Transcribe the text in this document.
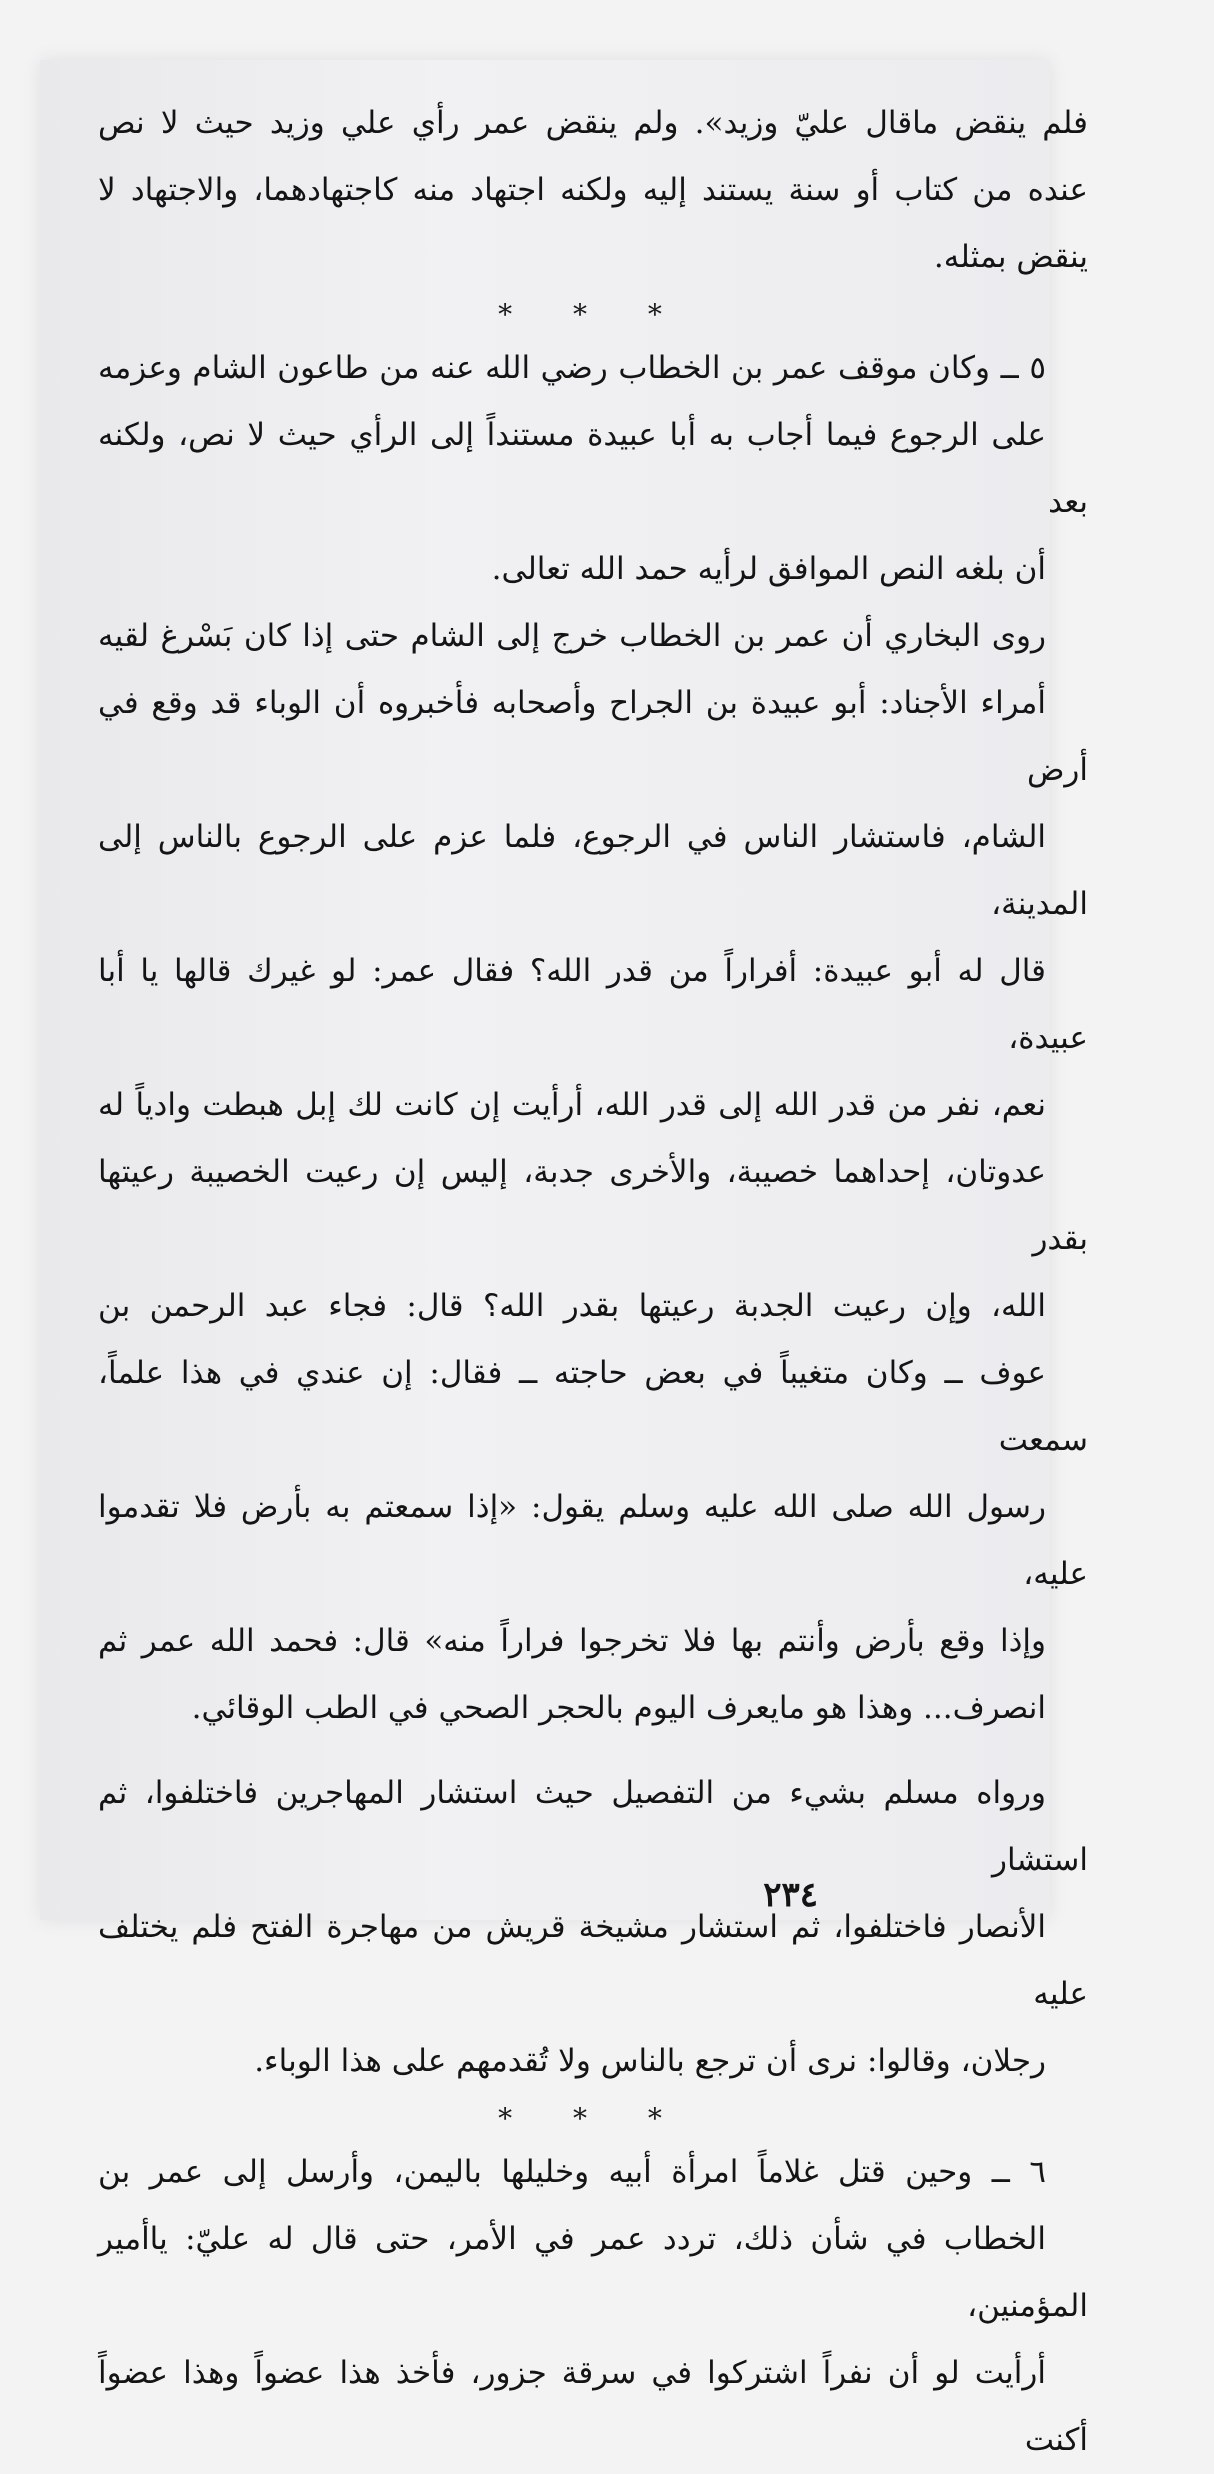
فلم ينقض ماقال عليّ وزيد». ولم ينقض عمر رأي علي وزيد حيث لا نص
عنده من كتاب أو سنة يستند إليه ولكنه اجتهاد منه كاجتهادهما، والاجتهاد لا
ينقض بمثله.

* * *

٥ ــ وكان موقف عمر بن الخطاب رضي الله عنه من طاعون الشام وعزمه
على الرجوع فيما أجاب به أبا عبيدة مستنداً إلى الرأي حيث لا نص، ولكنه بعد
أن بلغه النص الموافق لرأيه حمد الله تعالى.

روى البخاري أن عمر بن الخطاب خرج إلى الشام حتى إذا كان بَسْرغ لقيه
أمراء الأجناد: أبو عبيدة بن الجراح وأصحابه فأخبروه أن الوباء قد وقع في أرض
الشام، فاستشار الناس في الرجوع، فلما عزم على الرجوع بالناس إلى المدينة،
قال له أبو عبيدة: أفراراً من قدر الله؟ فقال عمر: لو غيرك قالها يا أبا عبيدة،
نعم، نفر من قدر الله إلى قدر الله، أرأيت إن كانت لك إبل هبطت وادياً له
عدوتان، إحداهما خصيبة، والأخرى جدبة، إليس إن رعيت الخصيبة رعيتها بقدر
الله، وإن رعيت الجدبة رعيتها بقدر الله؟ قال: فجاء عبد الرحمن بن
عوف ــ وكان متغيباً في بعض حاجته ــ فقال: إن عندي في هذا علماً، سمعت
رسول الله صلى الله عليه وسلم يقول: «إذا سمعتم به بأرض فلا تقدموا عليه،
وإذا وقع بأرض وأنتم بها فلا تخرجوا فراراً منه» قال: فحمد الله عمر ثم
انصرف... وهذا هو مايعرف اليوم بالحجر الصحي في الطب الوقائي.

ورواه مسلم بشيء من التفصيل حيث استشار المهاجرين فاختلفوا، ثم استشار
الأنصار فاختلفوا، ثم استشار مشيخة قريش من مهاجرة الفتح فلم يختلف عليه
رجلان، وقالوا: نرى أن ترجع بالناس ولا تُقدمهم على هذا الوباء.

* * *

٦ ــ وحين قتل غلاماً امرأة أبيه وخليلها باليمن، وأرسل إلى عمر بن
الخطاب في شأن ذلك، تردد عمر في الأمر، حتى قال له عليّ: ياأمير المؤمنين،
أرأيت لو أن نفراً اشتركوا في سرقة جزور، فأخذ هذا عضواً وهذا عضواً أكنت

٢٣٤
